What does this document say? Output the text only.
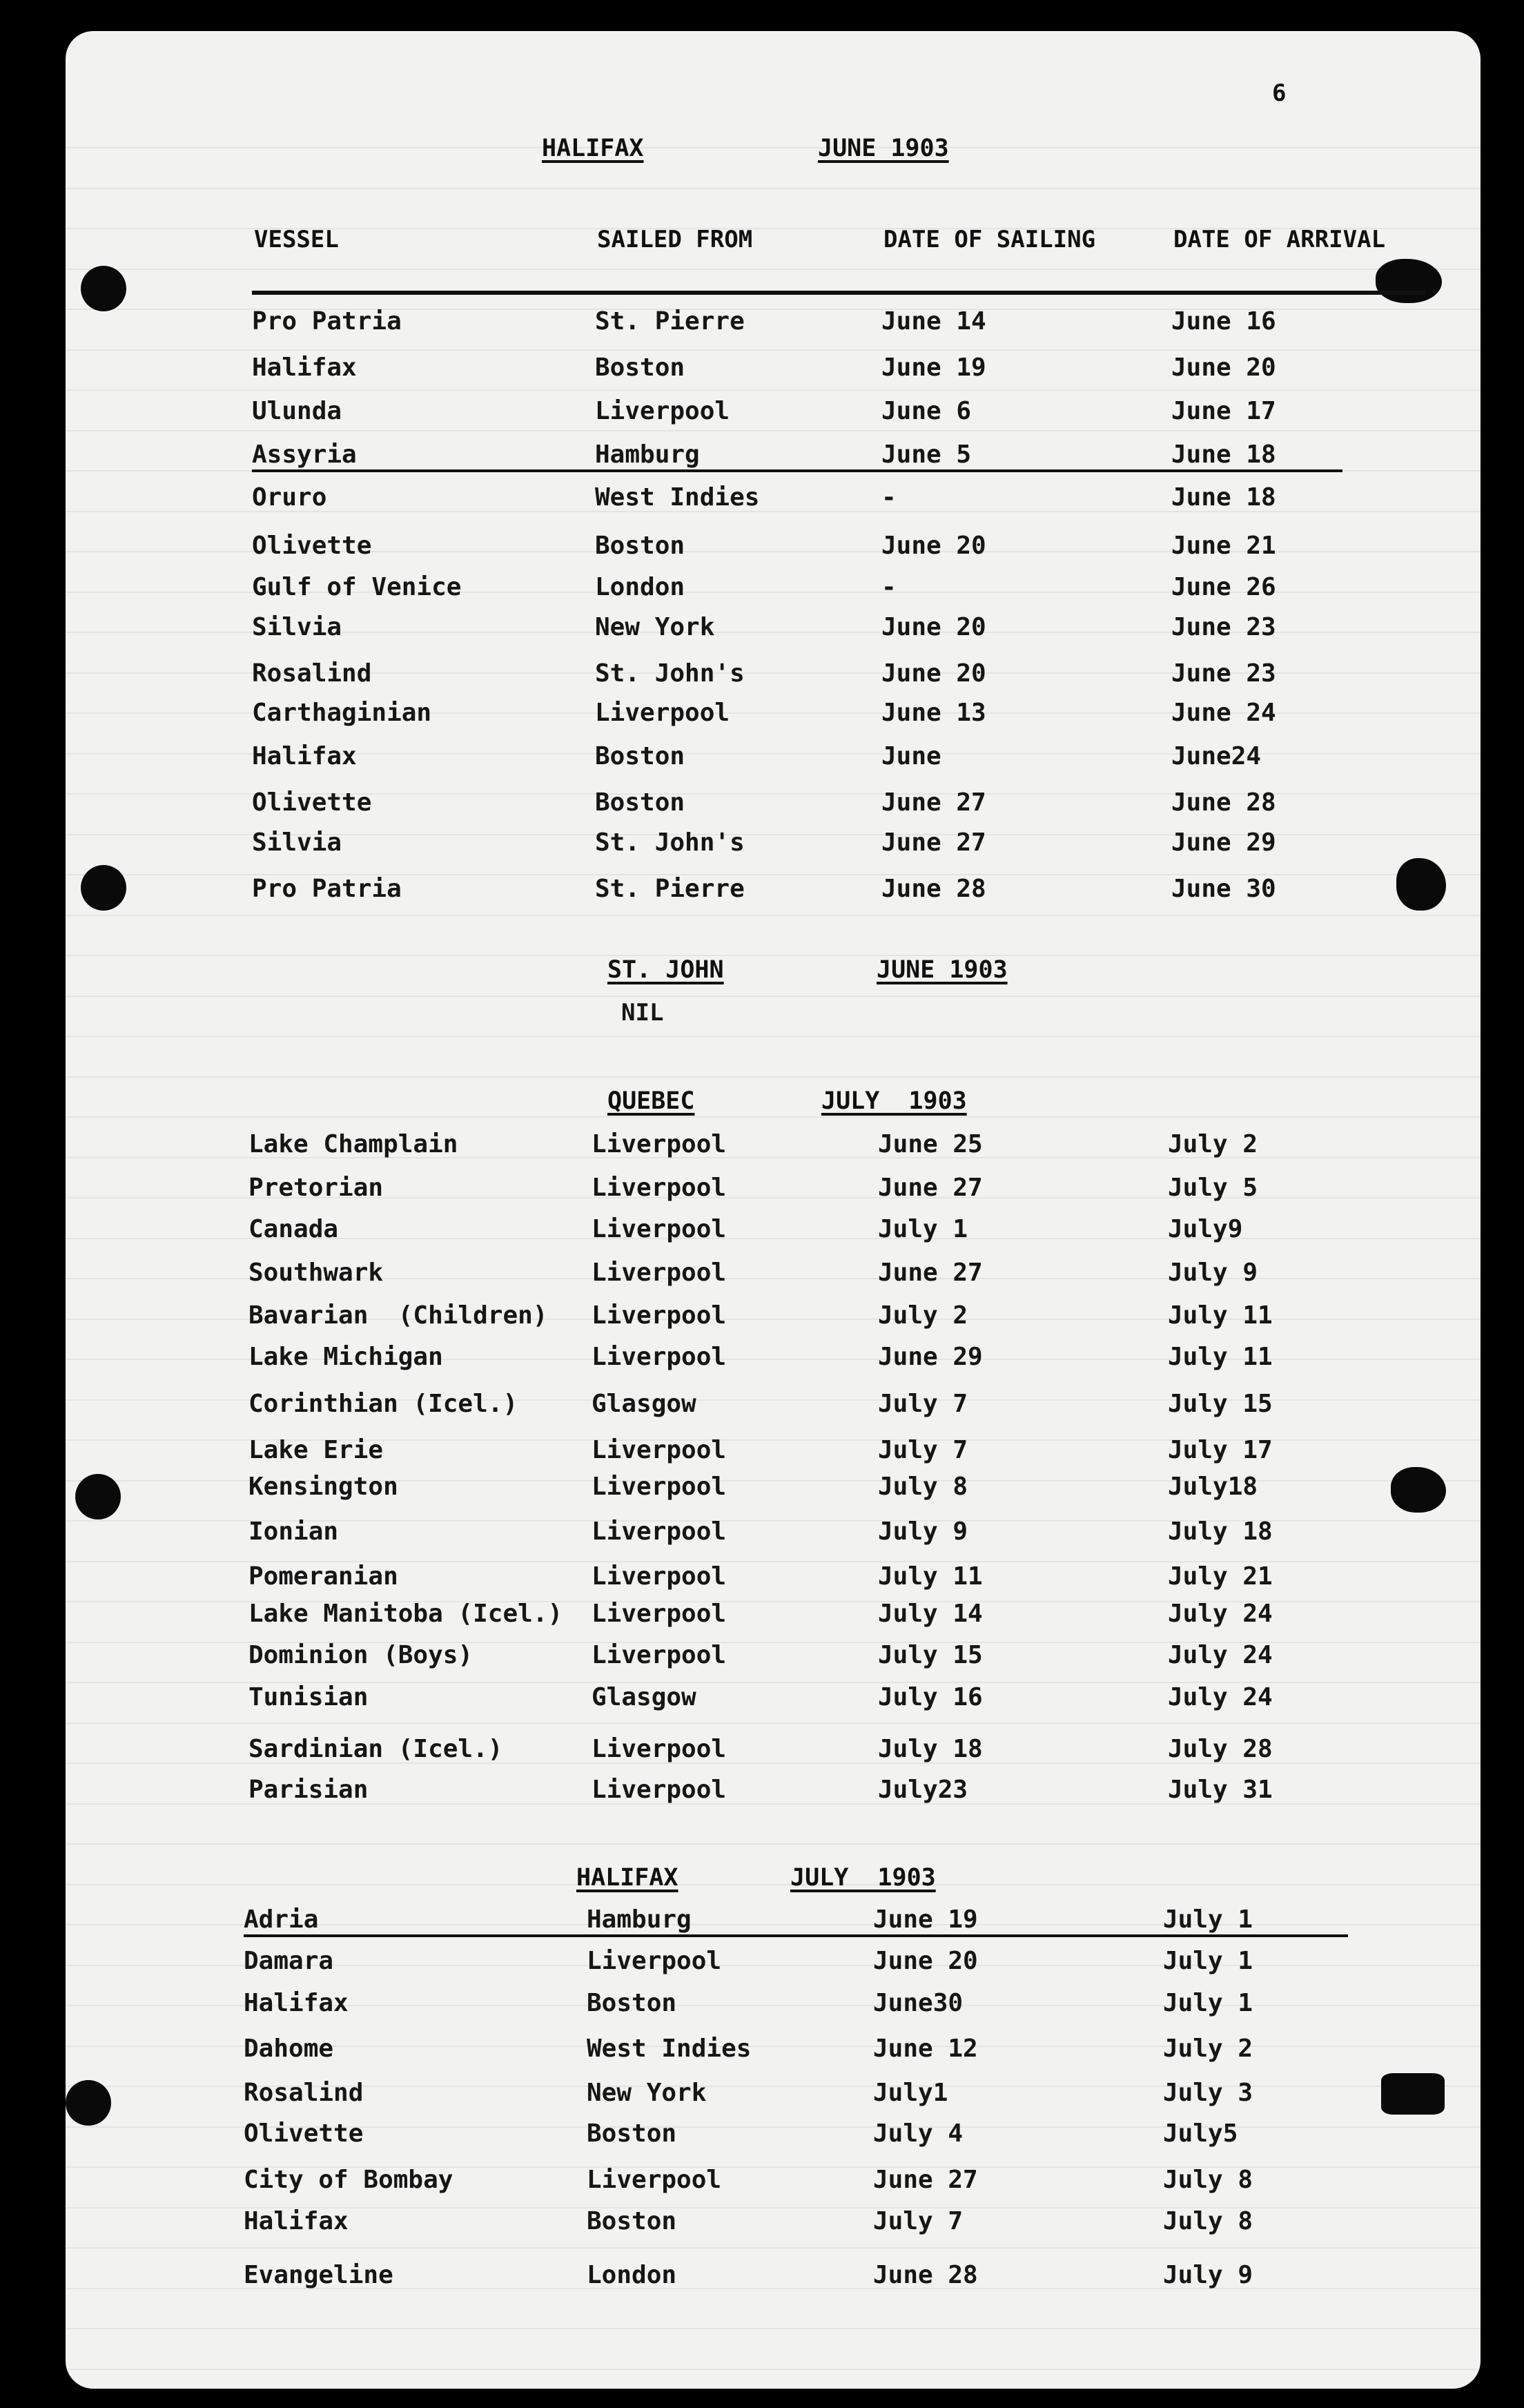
6
VESSEL	SAILED FROM	DATE OF SAILING	DATE OF ARRIVAL
HALIFAX	JUNE 1903
Pro Patria	St. Pierre	June 14	June 16
Halifax	Boston	June 19	June 20
Ulunda	Liverpool	June 6	June 17
Assyria	Hamburg	June 5	June 18
Oruro	West Indies	-	June 18
Olivette	Boston	June 20	June 21
Gulf of Venice	London	-	June 26
Silvia	New York	June 20	June 23
Rosalind	St. John's	June 20	June 23
Carthaginian	Liverpool	June 13	June 24
Halifax	Boston	June	June24
Olivette	Boston	June 27	June 28
Silvia	St. John's	June 27	June 29
Pro Patria	St. Pierre	June 28	June 30
ST. JOHN	JUNE 1903
NIL
QUEBEC	JULY  1903
Lake Champlain	Liverpool	June 25	July 2
Pretorian	Liverpool	June 27	July 5
Canada	Liverpool	July 1	July9
Southwark	Liverpool	June 27	July 9
Bavarian  (Children) Liverpool	July 2	July 11
Lake Michigan	Liverpool	June 29	July 11
Corinthian (Icel.)	Glasgow	July 7	July 15
Lake Erie	Liverpool	July 7	July 17
Kensington	Liverpool	July 8	July18
Ionian	Liverpool	July 9	July 18
Pomeranian	Liverpool	July 11	July 21
Lake Manitoba (Icel.) Liverpool	July 14	July 24
Dominion (Boys)	Liverpool	July 15	July 24
Tunisian	Glasgow	July 16	July 24
Sardinian (Icel.)	Liverpool	July 18	July 28
Parisian	Liverpool	July23	July 31
HALIFAX	JULY  1903
Adria	Hamburg	June 19	July 1
Damara	Liverpool	June 20	July 1
Halifax	Boston	June30	July 1
Dahome	West Indies	June 12	July 2
Rosalind	New York	July1	July 3
Olivette	Boston	July 4	July5
City of Bombay	Liverpool	June 27	July 8
Halifax	Boston	July 7	July 8
Evangeline	London	June 28	July 9
